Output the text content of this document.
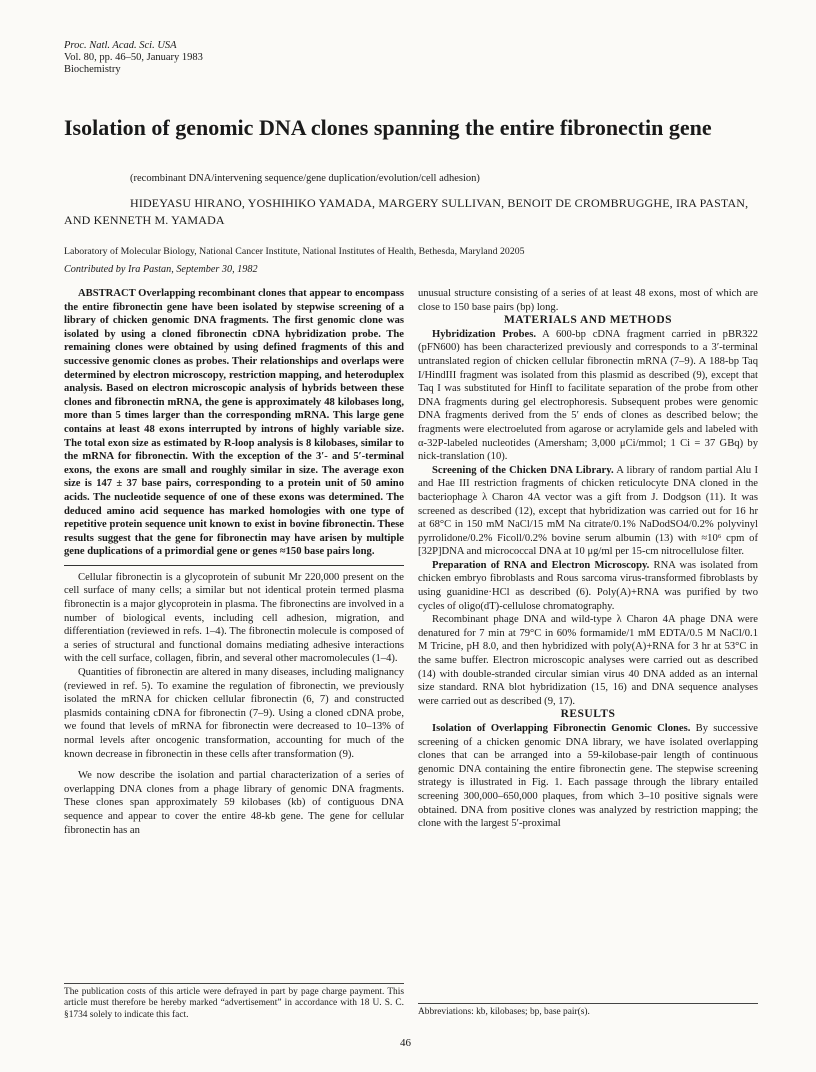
Proc. Natl. Acad. Sci. USA
Vol. 80, pp. 46–50, January 1983
Biochemistry
Isolation of genomic DNA clones spanning the entire fibronectin gene
(recombinant DNA/intervening sequence/gene duplication/evolution/cell adhesion)

HIDEYASU HIRANO, YOSHIHIKO YAMADA, MARGERY SULLIVAN, BENOIT DE CROMBRUGGHE, IRA PASTAN, AND KENNETH M. YAMADA

Laboratory of Molecular Biology, National Cancer Institute, National Institutes of Health, Bethesda, Maryland 20205
Contributed by Ira Pastan, September 30, 1982

ABSTRACT Overlapping recombinant clones that appear to encompass the entire fibronectin gene have been isolated by stepwise screening of a library of chicken genomic DNA fragments. The first genomic clone was isolated by using a cloned fibronectin cDNA hybridization probe. The remaining clones were obtained by using defined fragments of this and successive genomic clones as probes. Their relationships and overlaps were determined by electron microscopy, restriction mapping, and heteroduplex analysis. Based on electron microscopic analysis of hybrids between these clones and fibronectin mRNA, the gene is approximately 48 kilobases long, more than 5 times larger than the corresponding mRNA. This large gene contains at least 48 exons interrupted by introns of highly variable size. The total exon size as estimated by R-loop analysis is 8 kilobases, similar to the mRNA for fibronectin. With the exception of the 3′- and 5′-terminal exons, the exons are small and roughly similar in size. The average exon size is 147 ± 37 base pairs, corresponding to a protein unit of 50 amino acids. The nucleotide sequence of one of these exons was determined. The deduced amino acid sequence has marked homologies with one type of repetitive protein sequence unit known to exist in bovine fibronectin. These results suggest that the gene for fibronectin may have arisen by multiple gene duplications of a primordial gene or genes ≈150 base pairs long.

Cellular fibronectin is a glycoprotein of subunit Mr 220,000 present on the cell surface of many cells; a similar but not identical protein termed plasma fibronectin is a major glycoprotein in plasma. The fibronectins are involved in a number of biological events, including cell adhesion, migration, and differentiation (reviewed in refs. 1–4). The fibronectin molecule is composed of a series of structural and functional domains mediating adhesive interactions with the cell surface, collagen, fibrin, and several other macromolecules (1–4).

Quantities of fibronectin are altered in many diseases, including malignancy (reviewed in ref. 5). To examine the regulation of fibronectin, we previously isolated the mRNA for chicken cellular fibronectin (6, 7) and constructed plasmids containing cDNA for fibronectin (7–9). Using a cloned cDNA probe, we found that levels of mRNA for fibronectin were decreased to 10–13% of normal levels after oncogenic transformation, accounting for much of the known decrease in fibronectin in these cells after transformation (9).

We now describe the isolation and partial characterization of a series of overlapping DNA clones from a phage library of genomic DNA fragments. These clones span approximately 59 kilobases (kb) of contiguous DNA sequence and appear to cover the entire 48-kb gene. The gene for cellular fibronectin has an

The publication costs of this article were defrayed in part by page charge payment. This article must therefore be hereby marked “advertisement” in accordance with 18 U. S. C. §1734 solely to indicate this fact.

unusual structure consisting of a series of at least 48 exons, most of which are close to 150 base pairs (bp) long.

MATERIALS AND METHODS

Hybridization Probes. A 600-bp cDNA fragment carried in pBR322 (pFN600) has been characterized previously and corresponds to a 3′-terminal untranslated region of chicken cellular fibronectin mRNA (7–9). A 188-bp Taq I/HindIII fragment was isolated from this plasmid as described (9), except that Taq I was substituted for HinfI to facilitate separation of the probe from other DNA fragments during gel electrophoresis. Subsequent probes were genomic DNA fragments derived from the 5′ ends of clones as described below; the fragments were electroeluted from agarose or acrylamide gels and labeled with α-32P-labeled nucleotides (Amersham; 3,000 μCi/mmol; 1 Ci = 37 GBq) by nick-translation (10).

Screening of the Chicken DNA Library. A library of random partial Alu I and Hae III restriction fragments of chicken reticulocyte DNA cloned in the bacteriophage λ Charon 4A vector was a gift from J. Dodgson (11). It was screened as described (12), except that hybridization was carried out for 16 hr at 68°C in 150 mM NaCl/15 mM Na citrate/0.1% NaDodSO4/0.2% polyvinyl pyrrolidone/0.2% Ficoll/0.2% bovine serum albumin (13) with ≈10⁶ cpm of [32P]DNA and micrococcal DNA at 10 μg/ml per 15-cm nitrocellulose filter.

Preparation of RNA and Electron Microscopy. RNA was isolated from chicken embryo fibroblasts and Rous sarcoma virus-transformed fibroblasts by using guanidine·HCl as described (6). Poly(A)+RNA was purified by two cycles of oligo(dT)-cellulose chromatography.

Recombinant phage DNA and wild-type λ Charon 4A phage DNA were denatured for 7 min at 79°C in 60% formamide/1 mM EDTA/0.5 M NaCl/0.1 M Tricine, pH 8.0, and then hybridized with poly(A)+RNA for 3 hr at 53°C in the same buffer. Electron microscopic analyses were carried out as described (14) with double-stranded circular simian virus 40 DNA added as an internal size standard. RNA blot hybridization (15, 16) and DNA sequence analyses were carried out as described (9, 17).

RESULTS

Isolation of Overlapping Fibronectin Genomic Clones. By successive screening of a chicken genomic DNA library, we have isolated overlapping clones that can be arranged into a 59-kilobase-pair length of continuous genomic DNA containing the entire fibronectin gene. The stepwise screening strategy is illustrated in Fig. 1. Each passage through the library entailed screening 300,000–650,000 plaques, from which 3–10 positive signals were obtained. DNA from positive clones was analyzed by restriction mapping; the clone with the largest 5′-proximal

Abbreviations: kb, kilobases; bp, base pair(s).
46
